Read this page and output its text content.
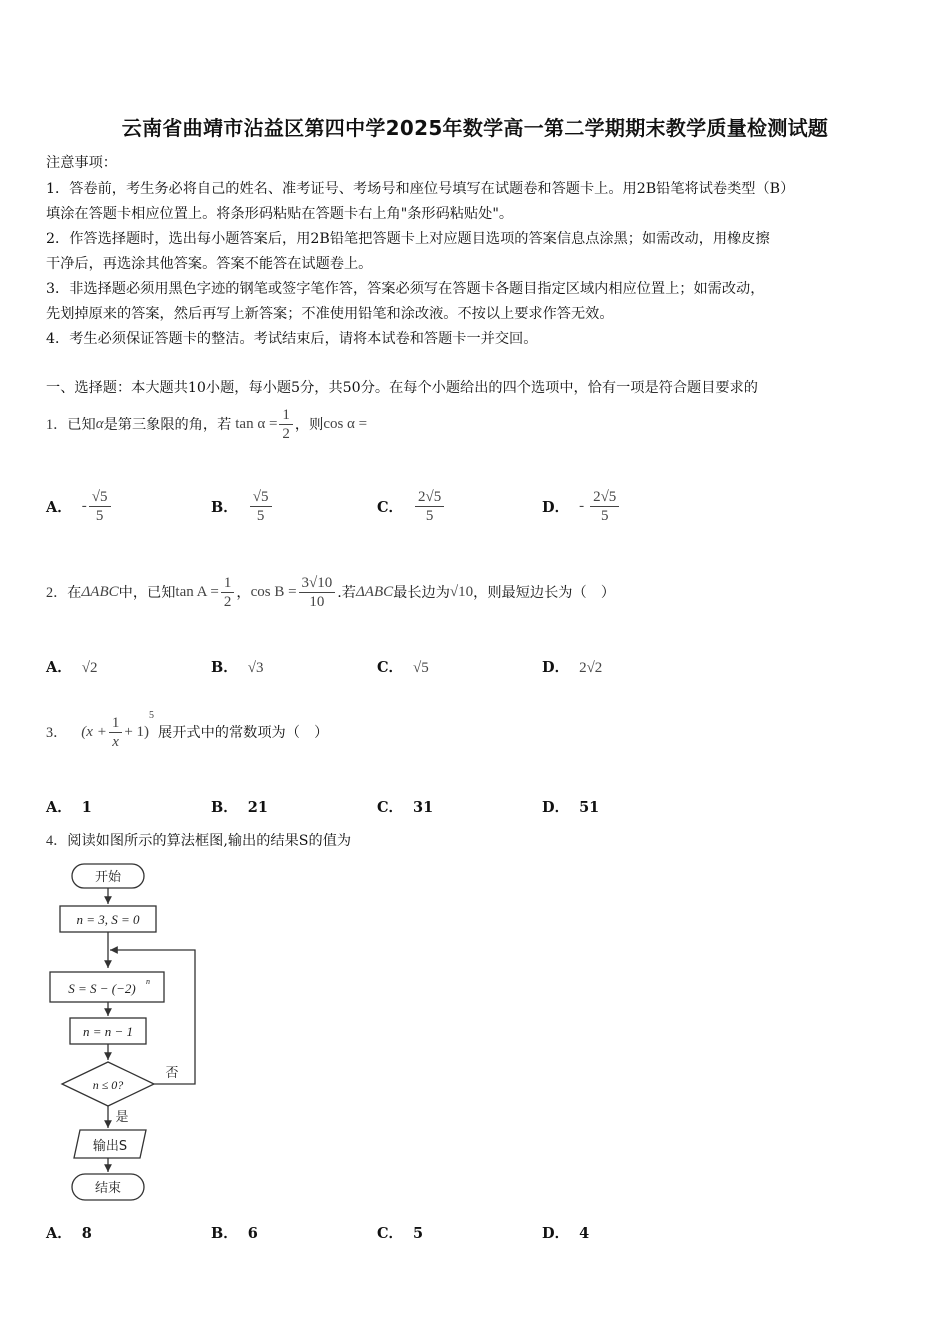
云南省曲靖市沾益区第四中学2025年数学高一第二学期期末教学质量检测试题
注意事项：
1．答卷前，考生务必将自己的姓名、准考证号、考场号和座位号填写在试题卷和答题卡上。用2B铅笔将试卷类型（B）
填涂在答题卡相应位置上。将条形码粘贴在答题卡右上角"条形码粘贴处"。
2．作答选择题时，选出每小题答案后，用2B铅笔把答题卡上对应题目选项的答案信息点涂黑；如需改动，用橡皮擦
干净后，再选涂其他答案。答案不能答在试题卷上。
3．非选择题必须用黑色字迹的钢笔或签字笔作答，答案必须写在答题卡各题目指定区域内相应位置上；如需改动，
先划掉原来的答案，然后再写上新答案；不准使用铅笔和涂改液。不按以上要求作答无效。
4．考生必须保证答题卡的整洁。考试结束后，请将本试卷和答题卡一并交回。
一、选择题：本大题共10小题，每小题5分，共50分。在每个小题给出的四个选项中，恰有一项是符合题目要求的
1． 已知 α 是第三象限的角，若 $\tan \alpha = \frac{1}{2}$ ，则 cos α =
A． - $\frac{√5}{5}$	B． $\frac{√5}{5}$	C． $\frac{2√5}{5}$	D． - $\frac{2√5}{5}$
2． 在 ΔABC 中，已知 $\tan A = \frac{1}{2}$ ， $\cos B = \frac{3√10}{10}$ .若 ΔABC 最长边为 √10 ，则最短边长为（　）
A． √2	B． √3	C． √5	D． 2√2
3． $(x + \frac{1}{x} + 1)$
5
展开式中的常数项为（　）
A． 1	B． 21	C． 31	D． 51
4．阅读如图所示的算法框图,输出的结果S的值为
开始
n = 3, S = 0
S = S − (−2) n
n = n − 1
n ≤ 0?
否
是
输出S
结束
A． 8	B． 6	C． 5	D． 4
